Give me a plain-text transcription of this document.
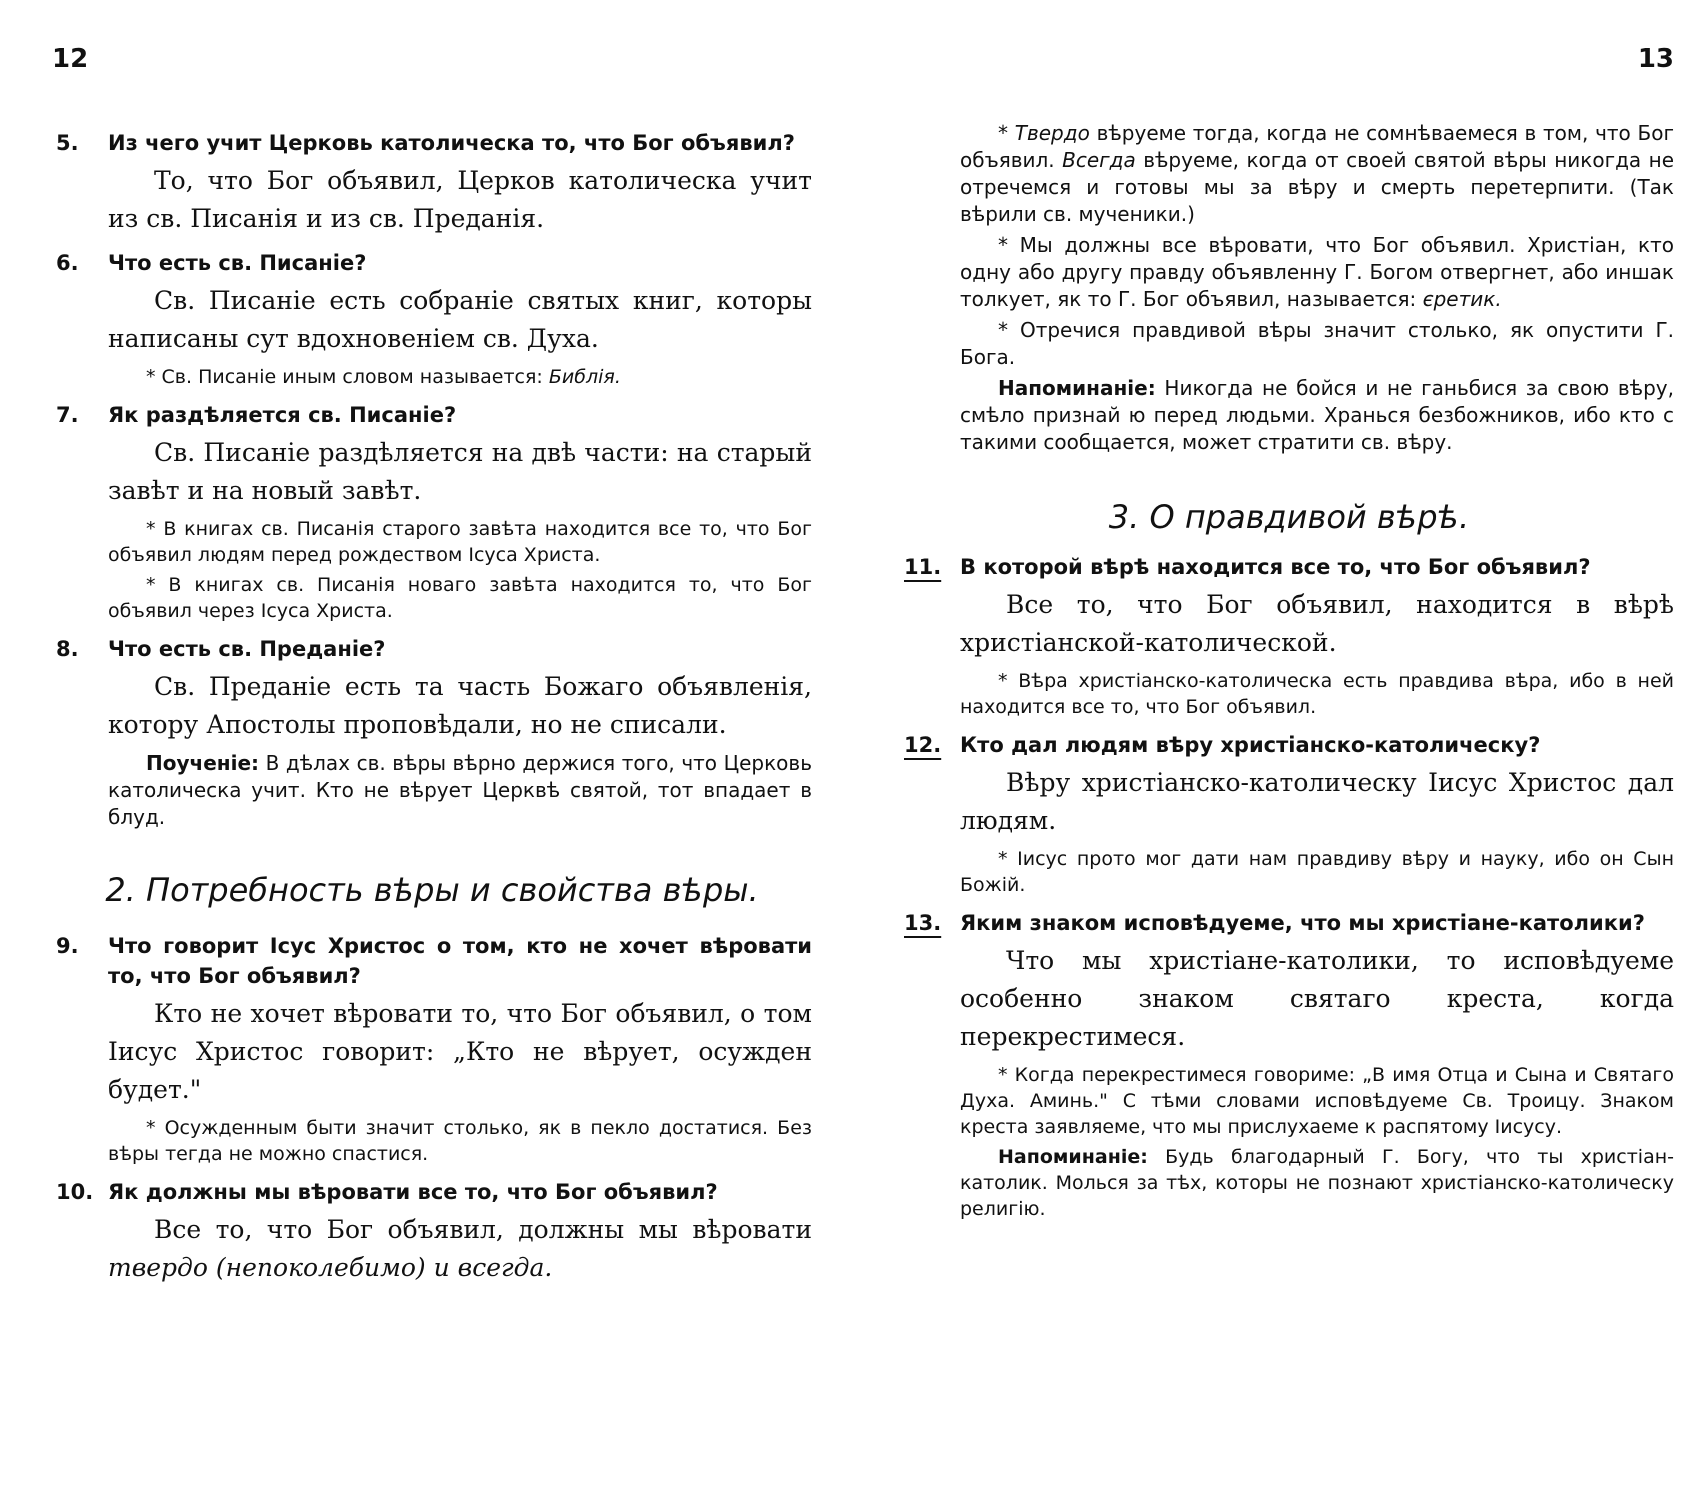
12
5. Из чего учит Церковь католическа то, что Бог объявил?
То, что Бог объявил, Церков католическа учит из св. Писанія и из св. Преданія.
6. Что есть св. Писаніе?
Св. Писаніе есть собраніе святых книг, которы написаны сут вдохновеніем св. Духа.
* Св. Писаніе иным словом называется: Библія.
7. Як раздѣляется св. Писаніе?
Св. Писаніе раздѣляется на двѣ части: на старый завѣт и на новый завѣт.
* В книгах св. Писанія старого завѣта находится все то, что Бог объявил людям перед рождеством Ісуса Христа.
* В книгах св. Писанія новаго завѣта находится то, что Бог объявил через Ісуса Христа.
8. Что есть св. Преданіе?
Св. Преданіе есть та часть Божаго объявленія, котору Апостолы проповѣдали, но не списали.
Поученіе: В дѣлах св. вѣры вѣрно держися того, что Церковь католическа учит. Кто не вѣрует Церквѣ святой, тот впадает в блуд.
2. Потребность вѣры и свойства вѣры.
9. Что говорит Ісус Христос о том, кто не хочет вѣровати то, что Бог объявил?
Кто не хочет вѣровати то, что Бог объявил, о том Іисус Христос говорит: „Кто не вѣрует, осужден будет."
* Осужденным быти значит столько, як в пекло достатися. Без вѣры тегда не можно спастися.
10. Як должны мы вѣровати все то, что Бог объявил?
Все то, что Бог объявил, должны мы вѣровати твердо (непоколебимо) и всегда.
13
* Твердо вѣруеме тогда, когда не сомнѣваемеся в том, что Бог объявил. Всегда вѣруеме, когда от своей святой вѣры никогда не отречемся и готовы мы за вѣру и смерть перетерпити. (Так вѣрили св. мученики.)
* Мы должны все вѣровати, что Бог объявил. Христіан, кто одну або другу правду объявленну Г. Богом отвергнет, або иншак толкует, як то Г. Бог объявил, называется: єретик.
* Отречися правдивой вѣры значит столько, як опустити Г. Бога.
Напоминаніе: Никогда не бойся и не ганьбися за свою вѣру, смѣло признай ю перед людьми. Хранься безбожников, ибо кто с такими сообщается, может стратити св. вѣру.
3. О правдивой вѣрѣ.
11. В которой вѣрѣ находится все то, что Бог объявил?
Все то, что Бог объявил, находится в вѣрѣ христіанской-католической.
* Вѣра христіанско-католическа есть правдива вѣра, ибо в ней находится все то, что Бог объявил.
12. Кто дал людям вѣру христіанско-католическу?
Вѣру христіанско-католическу Іисус Христос дал людям.
* Іисус прото мог дати нам правдиву вѣру и науку, ибо он Сын Божій.
13. Яким знаком исповѣдуеме, что мы христіане-католики?
Что мы христіане-католики, то исповѣдуеме особенно знаком святаго креста, когда перекрестимеся.
* Когда перекрестимеся говориме: „В имя Отца и Сына и Святаго Духа. Аминь." С тѣми словами исповѣдуеме Св. Троицу. Знаком креста заявляеме, что мы прислухаеме к распятому Іисусу.
Напоминаніе: Будь благодарный Г. Богу, что ты христіан-католик. Молься за тѣх, которы не познают христіанско-католическу религію.
